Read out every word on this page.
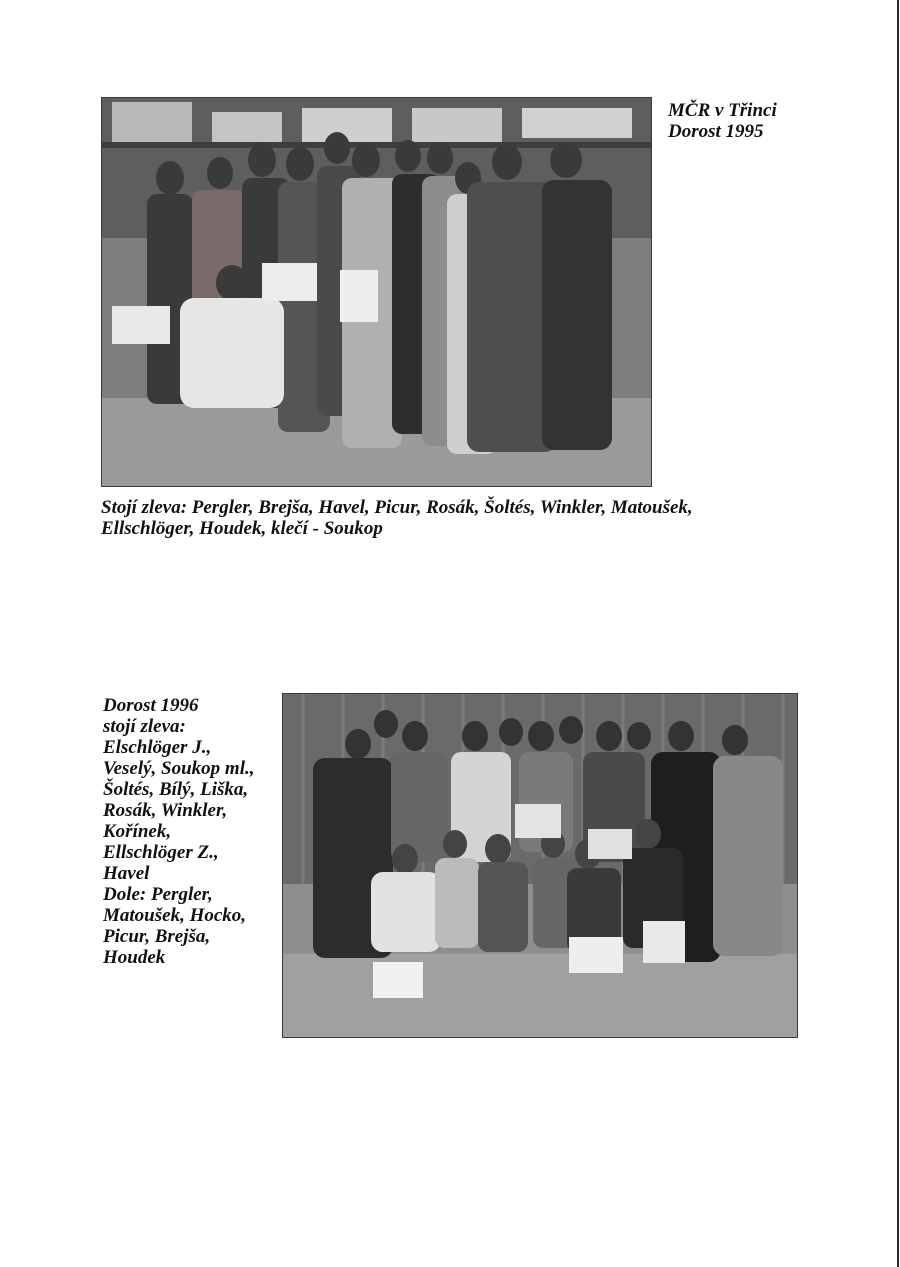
MČR v Třinci
Dorost 1995
Stojí zleva: Pergler, Brejša, Havel, Picur, Rosák, Šoltés, Winkler, Matoušek,
Ellschlöger, Houdek, klečí - Soukop
Dorost 1996
stojí zleva:
Elschlöger J.,
Veselý, Soukop ml.,
Šoltés, Bílý, Liška,
Rosák, Winkler,
Kořínek,
Ellschlöger Z.,
Havel
Dole: Pergler,
Matoušek, Hocko,
Picur, Brejša,
Houdek
